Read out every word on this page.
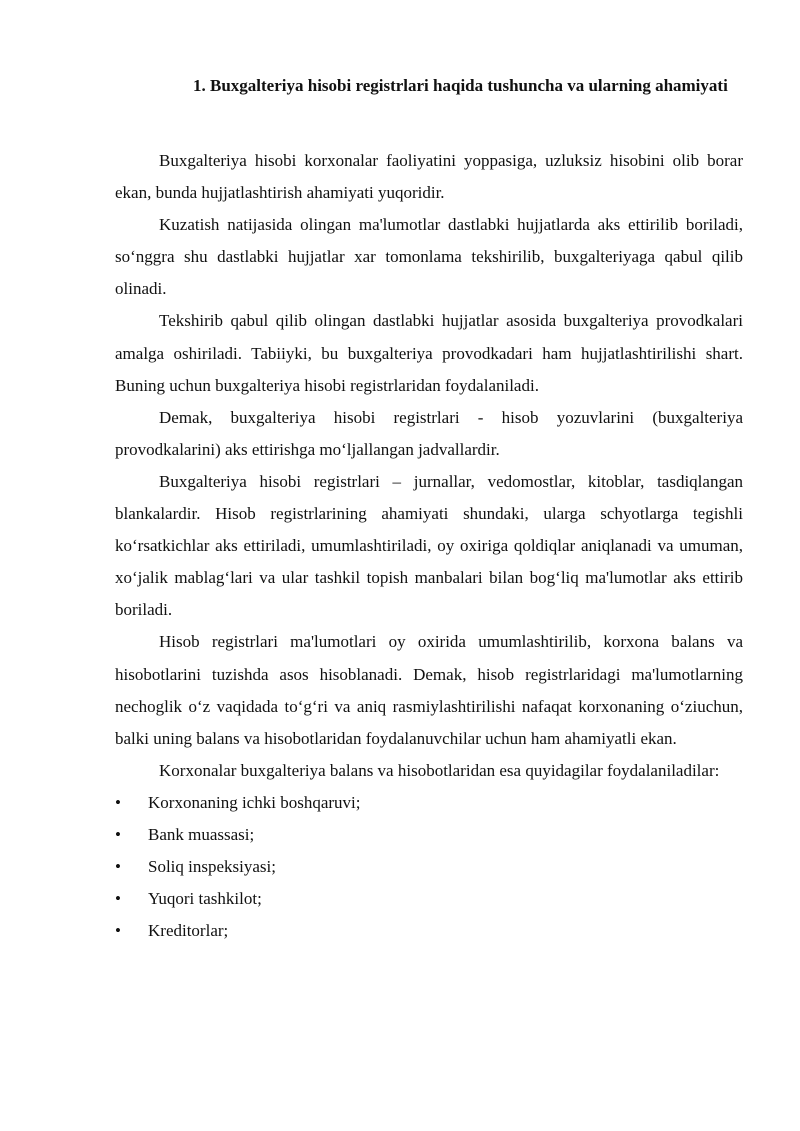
1. Buxgalteriya hisobi registrlari haqida tushuncha va ularning ahamiyati

Buxgalteriya hisobi korxonalar faoliyatini yoppasiga, uzluksiz hisobini olib borar ekan, bunda hujjatlashtirish ahamiyati yuqoridir.

Kuzatish natijasida olingan ma'lumotlar dastlabki hujjatlarda aks ettirilib boriladi, so‘nggra shu dastlabki hujjatlar xar tomonlama tekshirilib, buxgalteriyaga qabul qilib olinadi.

Tekshirib qabul qilib olingan dastlabki hujjatlar asosida buxgalteriya provodkalari amalga oshiriladi. Tabiiyki, bu buxgalteriya provodkadari ham hujjatlashtirilishi shart. Buning uchun buxgalteriya hisobi registrlaridan foydalaniladi.

Demak, buxgalteriya hisobi registrlari - hisob yozuvlarini (buxgalteriya provodkalarini) aks ettirishga mo‘ljallangan jadvallardir.

Buxgalteriya hisobi registrlari – jurnallar, vedomostlar, kitoblar, tasdiqlangan blankalardir. Hisob registrlarining ahamiyati shundaki, ularga schyotlarga tegishli ko‘rsatkichlar aks ettiriladi, umumlashtiriladi, oy oxiriga qoldiqlar aniqlanadi va umuman, xo‘jalik mablag‘lari va ular tashkil topish manbalari bilan bog‘liq ma'lumotlar aks ettirib boriladi.

Hisob registrlari ma'lumotlari oy oxirida umumlashtirilib, korxona balans va hisobotlarini tuzishda asos hisoblanadi. Demak, hisob registrlaridagi ma'lumotlarning nechoglik o‘z vaqidada to‘g‘ri va aniq rasmiylashtirilishi nafaqat korxonaning o‘ziuchun, balki uning balans va hisobotlaridan foydalanuvchilar uchun ham ahamiyatli ekan.

Korxonalar buxgalteriya balans va hisobotlaridan esa quyidagilar foydalaniladilar:

• Korxonaning ichki boshqaruvi;
• Bank muassasi;
• Soliq inspeksiyasi;
• Yuqori tashkilot;
• Kreditorlar;
